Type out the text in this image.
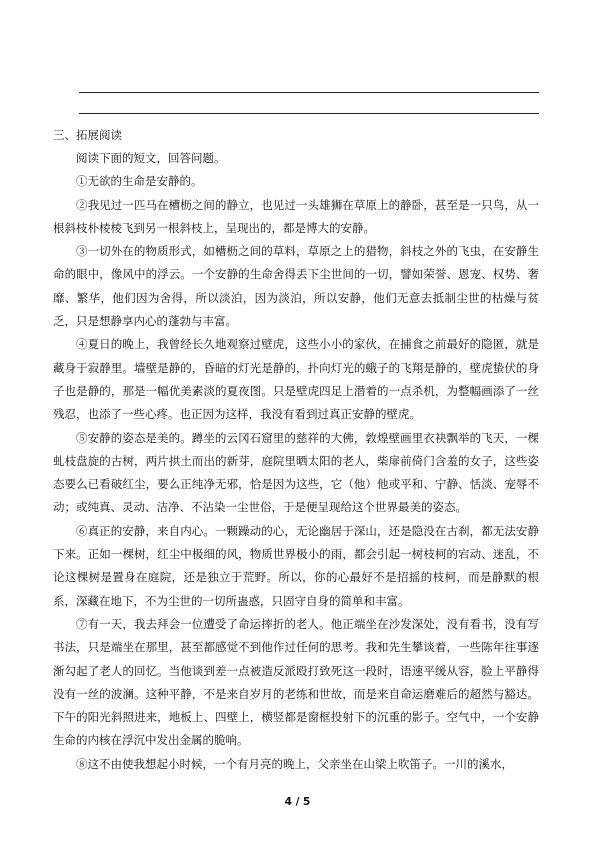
三、拓展阅读

阅读下面的短文，回答问题。

①无欲的生命是安静的。

②我见过一匹马在槽枥之间的静立，也见过一头雄狮在草原上的静卧，甚至是一只鸟，从一根斜枝朴棱棱飞到另一根斜枝上，呈现出的，都是博大的安静。

③一切外在的物质形式，如槽枥之间的草料，草原之上的猎物，斜枝之外的飞虫，在安静生命的眼中，像风中的浮云。一个安静的生命舍得丢下尘世间的一切，譬如荣誉、恩宠、权势、奢靡、繁华，他们因为舍得，所以淡泊，因为淡泊，所以安静，他们无意去抵制尘世的枯燥与贫乏，只是想静享内心的蓬勃与丰富。

④夏日的晚上，我曾经长久地观察过壁虎，这些小小的家伙，在捕食之前最好的隐匿，就是藏身于寂静里。墙壁是静的，昏暗的灯光是静的，扑向灯光的蛾子的飞翔是静的，壁虎蛰伏的身子也是静的，那是一幅优美素淡的夏夜图。只是壁虎四足上潜着的一点杀机，为整幅画添了一丝残忍，也添了一些心疼。也正因为这样，我没有看到过真正安静的壁虎。

⑤安静的姿态是美的。蹲坐的云冈石窟里的慈祥的大佛，敦煌壁画里衣袂飘举的飞天，一棵虬枝盘旋的古树，两片拱土而出的新芽，庭院里晒太阳的老人，柴扉前倚门含羞的女子，这些姿态要么已看破红尘，要么正纯净无邪，恰是因为这些，它（他）他或平和、宁静、恬淡、宠辱不动；或纯真、灵动、洁净、不沾染一尘世俗，于是便呈现给这个世界最美的姿态。

⑥真正的安静，来自内心。一颗躁动的心，无论幽居于深山，还是隐没在古刹，都无法安静下来。正如一棵树，红尘中极细的风，物质世界极小的雨，都会引起一树枝柯的宕动、迷乱，不论这棵树是置身在庭院，还是独立于荒野。所以，你的心最好不是招摇的枝柯，而是静默的根系，深藏在地下，不为尘世的一切所蛊惑，只固守自身的简单和丰富。

⑦有一天，我去拜会一位遭受了命运摔折的老人。他正端坐在沙发深处，没有看书，没有写书法，只是端坐在那里，甚至都感觉不到他作过任何的思考。我和先生攀谈着，一些陈年往事逐渐勾起了老人的回忆。当他谈到差一点被造反派殴打致死这一段时，语速平缓从容，脸上平静得没有一丝的波澜。这种平静，不是来自岁月的老练和世故，而是来自命运磨难后的超然与豁达。下午的阳光斜照进来，地板上、四壁上，横竖都是窗框投射下的沉重的影子。空气中，一个安静生命的内核在浮沉中发出金属的脆响。

⑧这不由使我想起小时候，一个有月亮的晚上，父亲坐在山梁上吹笛子。一川的溪水，

4 / 5
